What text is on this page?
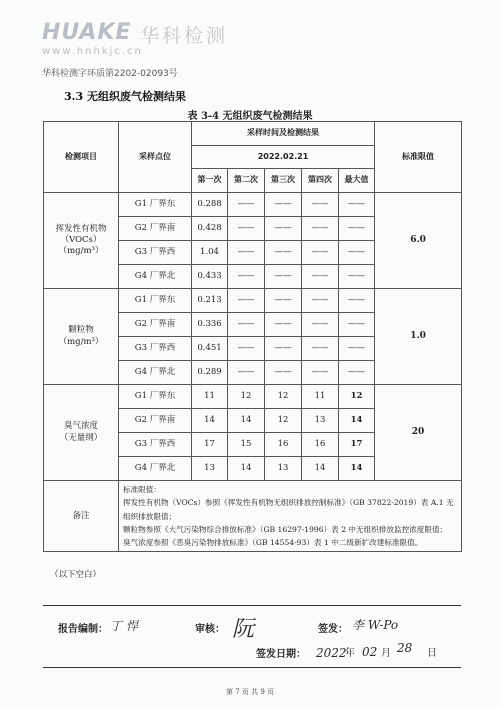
HUAKE 华科检测
www.hnhkjc.cn
华科检测字环质第2202-02093号
3.3 无组织废气检测结果
表 3-4 无组织废气检测结果
检测项目	采样点位	采样时间及检测结果					标准限值
		2022.02.21					
		第一次	第二次	第三次	第四次	最大值	

挥发性有机物
（VOCs）
（mg/m³）	G1 厂界东	0.288	——	——	——	——	6.0
	G2 厂界南	0.428	——	——	——	——	
	G3 厂界西	1.04	——	——	——	——	
	G4 厂界北	0.433	——	——	——	——	

颗粒物
（mg/m³）	G1 厂界东	0.213	——	——	——	——	1.0
	G2 厂界南	0.336	——	——	——	——	
	G3 厂界西	0.451	——	——	——	——	
	G4 厂界北	0.289	——	——	——	——	

臭气浓度
（无量纲）	G1 厂界东	11	12	12	11	12	20
	G2 厂界南	14	14	12	13	14	
	G3 厂界西	17	15	16	16	17	
	G4 厂界北	13	14	13	14	14	
备注	标准限值：
挥发性有机物（VOCs）参照《挥发性有机物无组织排放控制标准》（GB 37822-2019）表 A.1 无组织排放限值；
颗粒物参照《大气污染物综合排放标准》（GB 16297-1996）表 2 中无组织排放监控浓度限值；
臭气浓度参照《恶臭污染物排放标准》（GB 14554-93）表 1 中二级新扩改建标准限值。						
（以下空白）
报告编制： 丁 悍	审核： 阮	签发： 李 W-Po
签发日期： 2022
年 02 月 28 日
第 7 页 共 9 页
